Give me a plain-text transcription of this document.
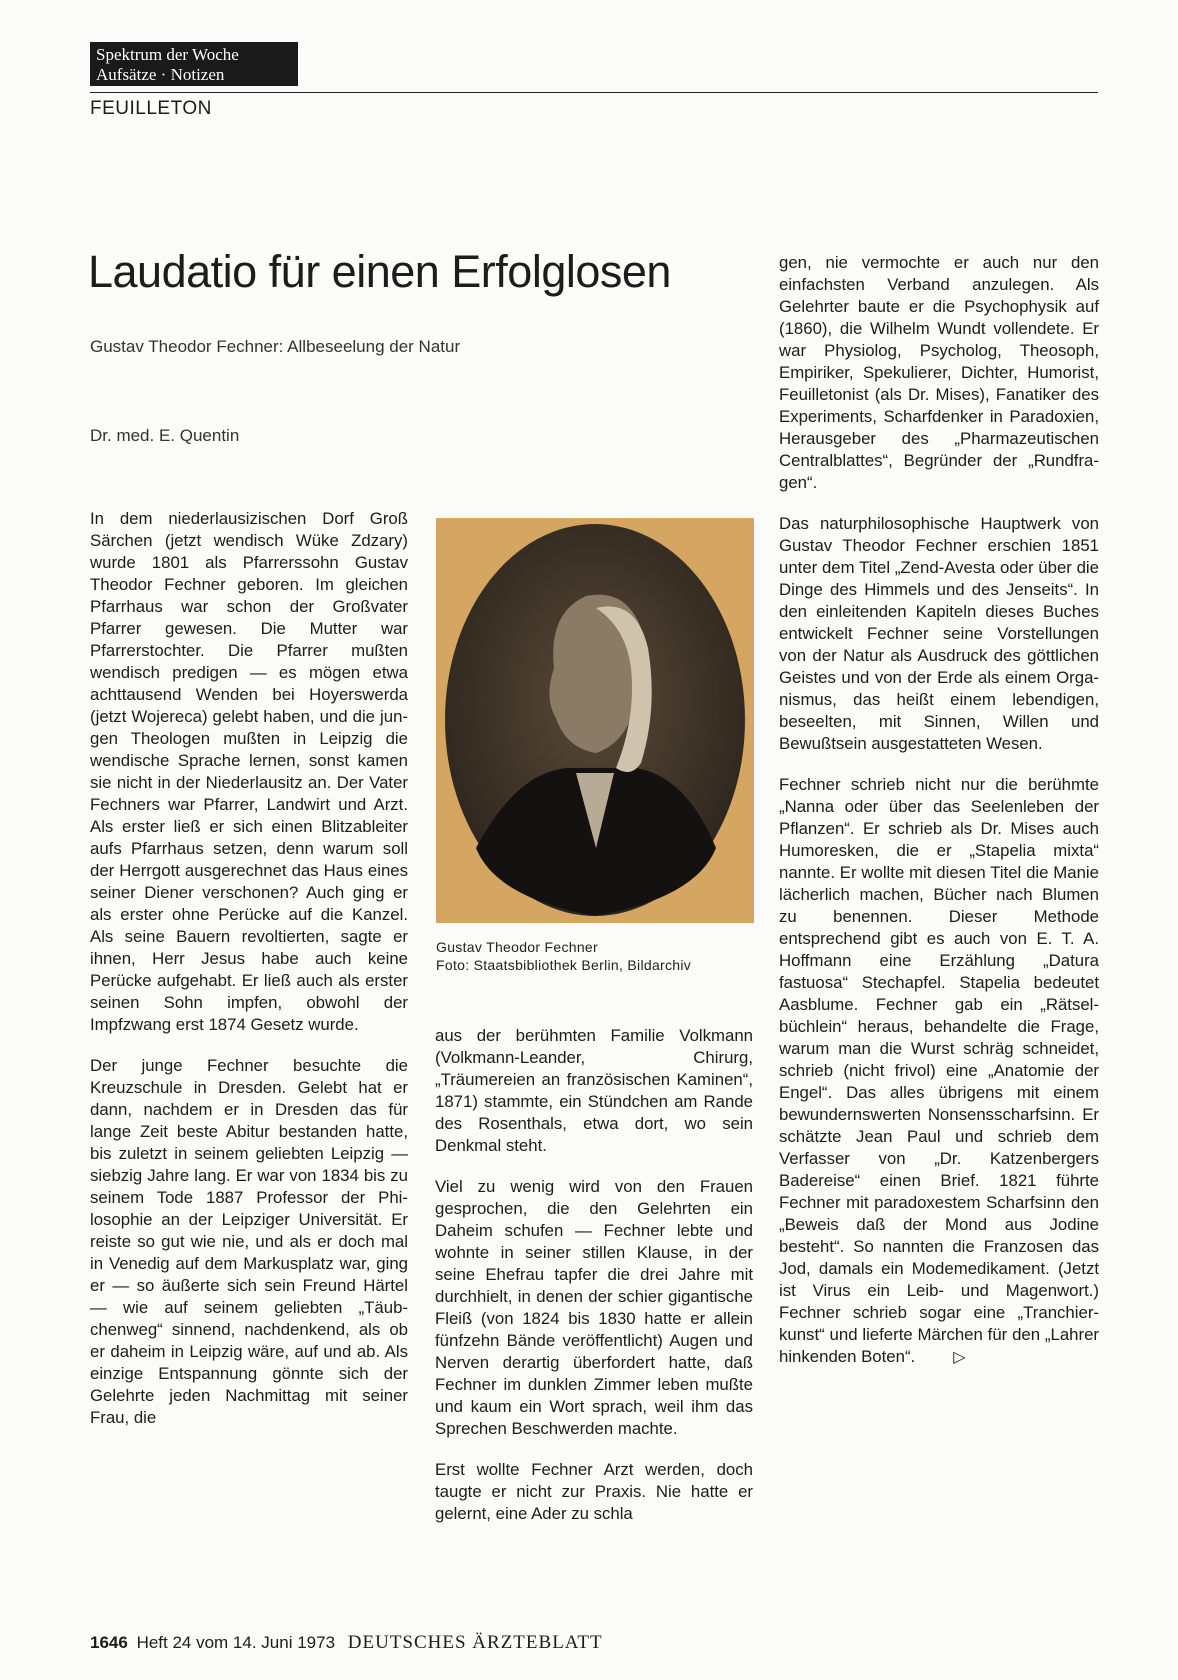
Spektrum der Woche
Aufsätze · Notizen
FEUILLETON
Laudatio für einen Erfolglosen
Gustav Theodor Fechner: Allbeseelung der Natur
Dr. med. E. Quentin

In dem niederlausizischen Dorf Groß Särchen (jetzt wendisch Wüke Zdzary) wurde 1801 als Pfarrerssohn Gustav Theodor Fechner geboren. Im gleichen Pfarrhaus war schon der Großvater Pfarrer gewesen. Die Mutter war Pfarrerstochter. Die Pfarrer mußten wendisch predigen — es mögen etwa achttausend Wenden bei Hoyerswerda (jetzt Wojereca) gelebt haben, und die jungen Theologen mußten in Leipzig die wendische Sprache lernen, sonst kamen sie nicht in der Niederlausitz an. Der Vater Fechners war Pfarrer, Landwirt und Arzt. Als erster ließ er sich einen Blitzableiter aufs Pfarrhaus setzen, denn warum soll der Herrgott ausgerechnet das Haus eines seiner Diener verschonen? Auch ging er als erster ohne Perücke auf die Kanzel. Als seine Bauern revoltierten, sagte er ihnen, Herr Jesus habe auch keine Perücke aufgehabt. Er ließ auch als erster seinen Sohn impfen, obwohl der Impfzwang erst 1874 Gesetz wurde.

Der junge Fechner besuchte die Kreuzschule in Dresden. Gelebt hat er dann, nachdem er in Dresden das für lange Zeit beste Abitur bestanden hatte, bis zuletzt in seinem geliebten Leipzig — siebzig Jahre lang. Er war von 1834 bis zu seinem Tode 1887 Professor der Philosophie an der Leipziger Universität. Er reiste so gut wie nie, und als er doch mal in Venedig auf dem Markusplatz war, ging er — so äußerte sich sein Freund Härtel — wie auf seinem geliebten „Täubchenweg“ sinnend, nachdenkend, als ob er daheim in Leipzig wäre, auf und ab. Als einzige Entspannung gönnte sich der Gelehrte jeden Nachmittag mit seiner Frau, die

Gustav Theodor Fechner
Foto: Staatsbibliothek Berlin, Bildarchiv

aus der berühmten Familie Volkmann (Volkmann-Leander, Chirurg, „Träumereien an französischen Kaminen“, 1871) stammte, ein Stündchen am Rande des Rosenthals, etwa dort, wo sein Denkmal steht.

Viel zu wenig wird von den Frauen gesprochen, die den Gelehrten ein Daheim schufen — Fechner lebte und wohnte in seiner stillen Klause, in der seine Ehefrau tapfer die drei Jahre mit durchhielt, in denen der schier gigantische Fleiß (von 1824 bis 1830 hatte er allein fünfzehn Bände veröffentlicht) Augen und Nerven derartig überfordert hatte, daß Fechner im dunklen Zimmer leben mußte und kaum ein Wort sprach, weil ihm das Sprechen Beschwerden machte.

Erst wollte Fechner Arzt werden, doch taugte er nicht zur Praxis. Nie hatte er gelernt, eine Ader zu schla

gen, nie vermochte er auch nur den einfachsten Verband anzulegen. Als Gelehrter baute er die Psychophysik auf (1860), die Wilhelm Wundt vollendete. Er war Physiolog, Psycholog, Theosoph, Empiriker, Spekulierer, Dichter, Humorist, Feuilletonist (als Dr. Mises), Fanatiker des Experiments, Scharfdenker in Paradoxien, Herausgeber des „Pharmazeutischen Centralblattes“, Begründer der „Rundfragen“.

Das naturphilosophische Hauptwerk von Gustav Theodor Fechner erschien 1851 unter dem Titel „Zend-Avesta oder über die Dinge des Himmels und des Jenseits“. In den einleitenden Kapiteln dieses Buches entwickelt Fechner seine Vorstellungen von der Natur als Ausdruck des göttlichen Geistes und von der Erde als einem Organismus, das heißt einem lebendigen, beseelten, mit Sinnen, Willen und Bewußtsein ausgestatteten Wesen.

Fechner schrieb nicht nur die berühmte „Nanna oder über das Seelenleben der Pflanzen“. Er schrieb als Dr. Mises auch Humoresken, die er „Stapelia mixta“ nannte. Er wollte mit diesen Titel die Manie lächerlich machen, Bücher nach Blumen zu benennen. Dieser Methode entsprechend gibt es auch von E. T. A. Hoffmann eine Erzählung „Datura fastuosa“ Stechapfel. Stapelia bedeutet Aasblume. Fechner gab ein „Rätselbüchlein“ heraus, behandelte die Frage, warum man die Wurst schräg schneidet, schrieb (nicht frivol) eine „Anatomie der Engel“. Das alles übrigens mit einem bewundernswerten Nonsensscharfsinn. Er schätzte Jean Paul und schrieb dem Verfasser von „Dr. Katzenbergers Badereise“ einen Brief. 1821 führte Fechner mit paradoxestem Scharfsinn den „Beweis daß der Mond aus Jodine besteht“. So nannten die Franzosen das Jod, damals ein Modemedikament. (Jetzt ist Virus ein Leib- und Magenwort.) Fechner schrieb sogar eine „Tranchierkunst“ und lieferte Märchen für den „Lahrer hinkenden Boten“. ▷

1646 Heft 24 vom 14. Juni 1973 DEUTSCHES ÄRZTEBLATT
